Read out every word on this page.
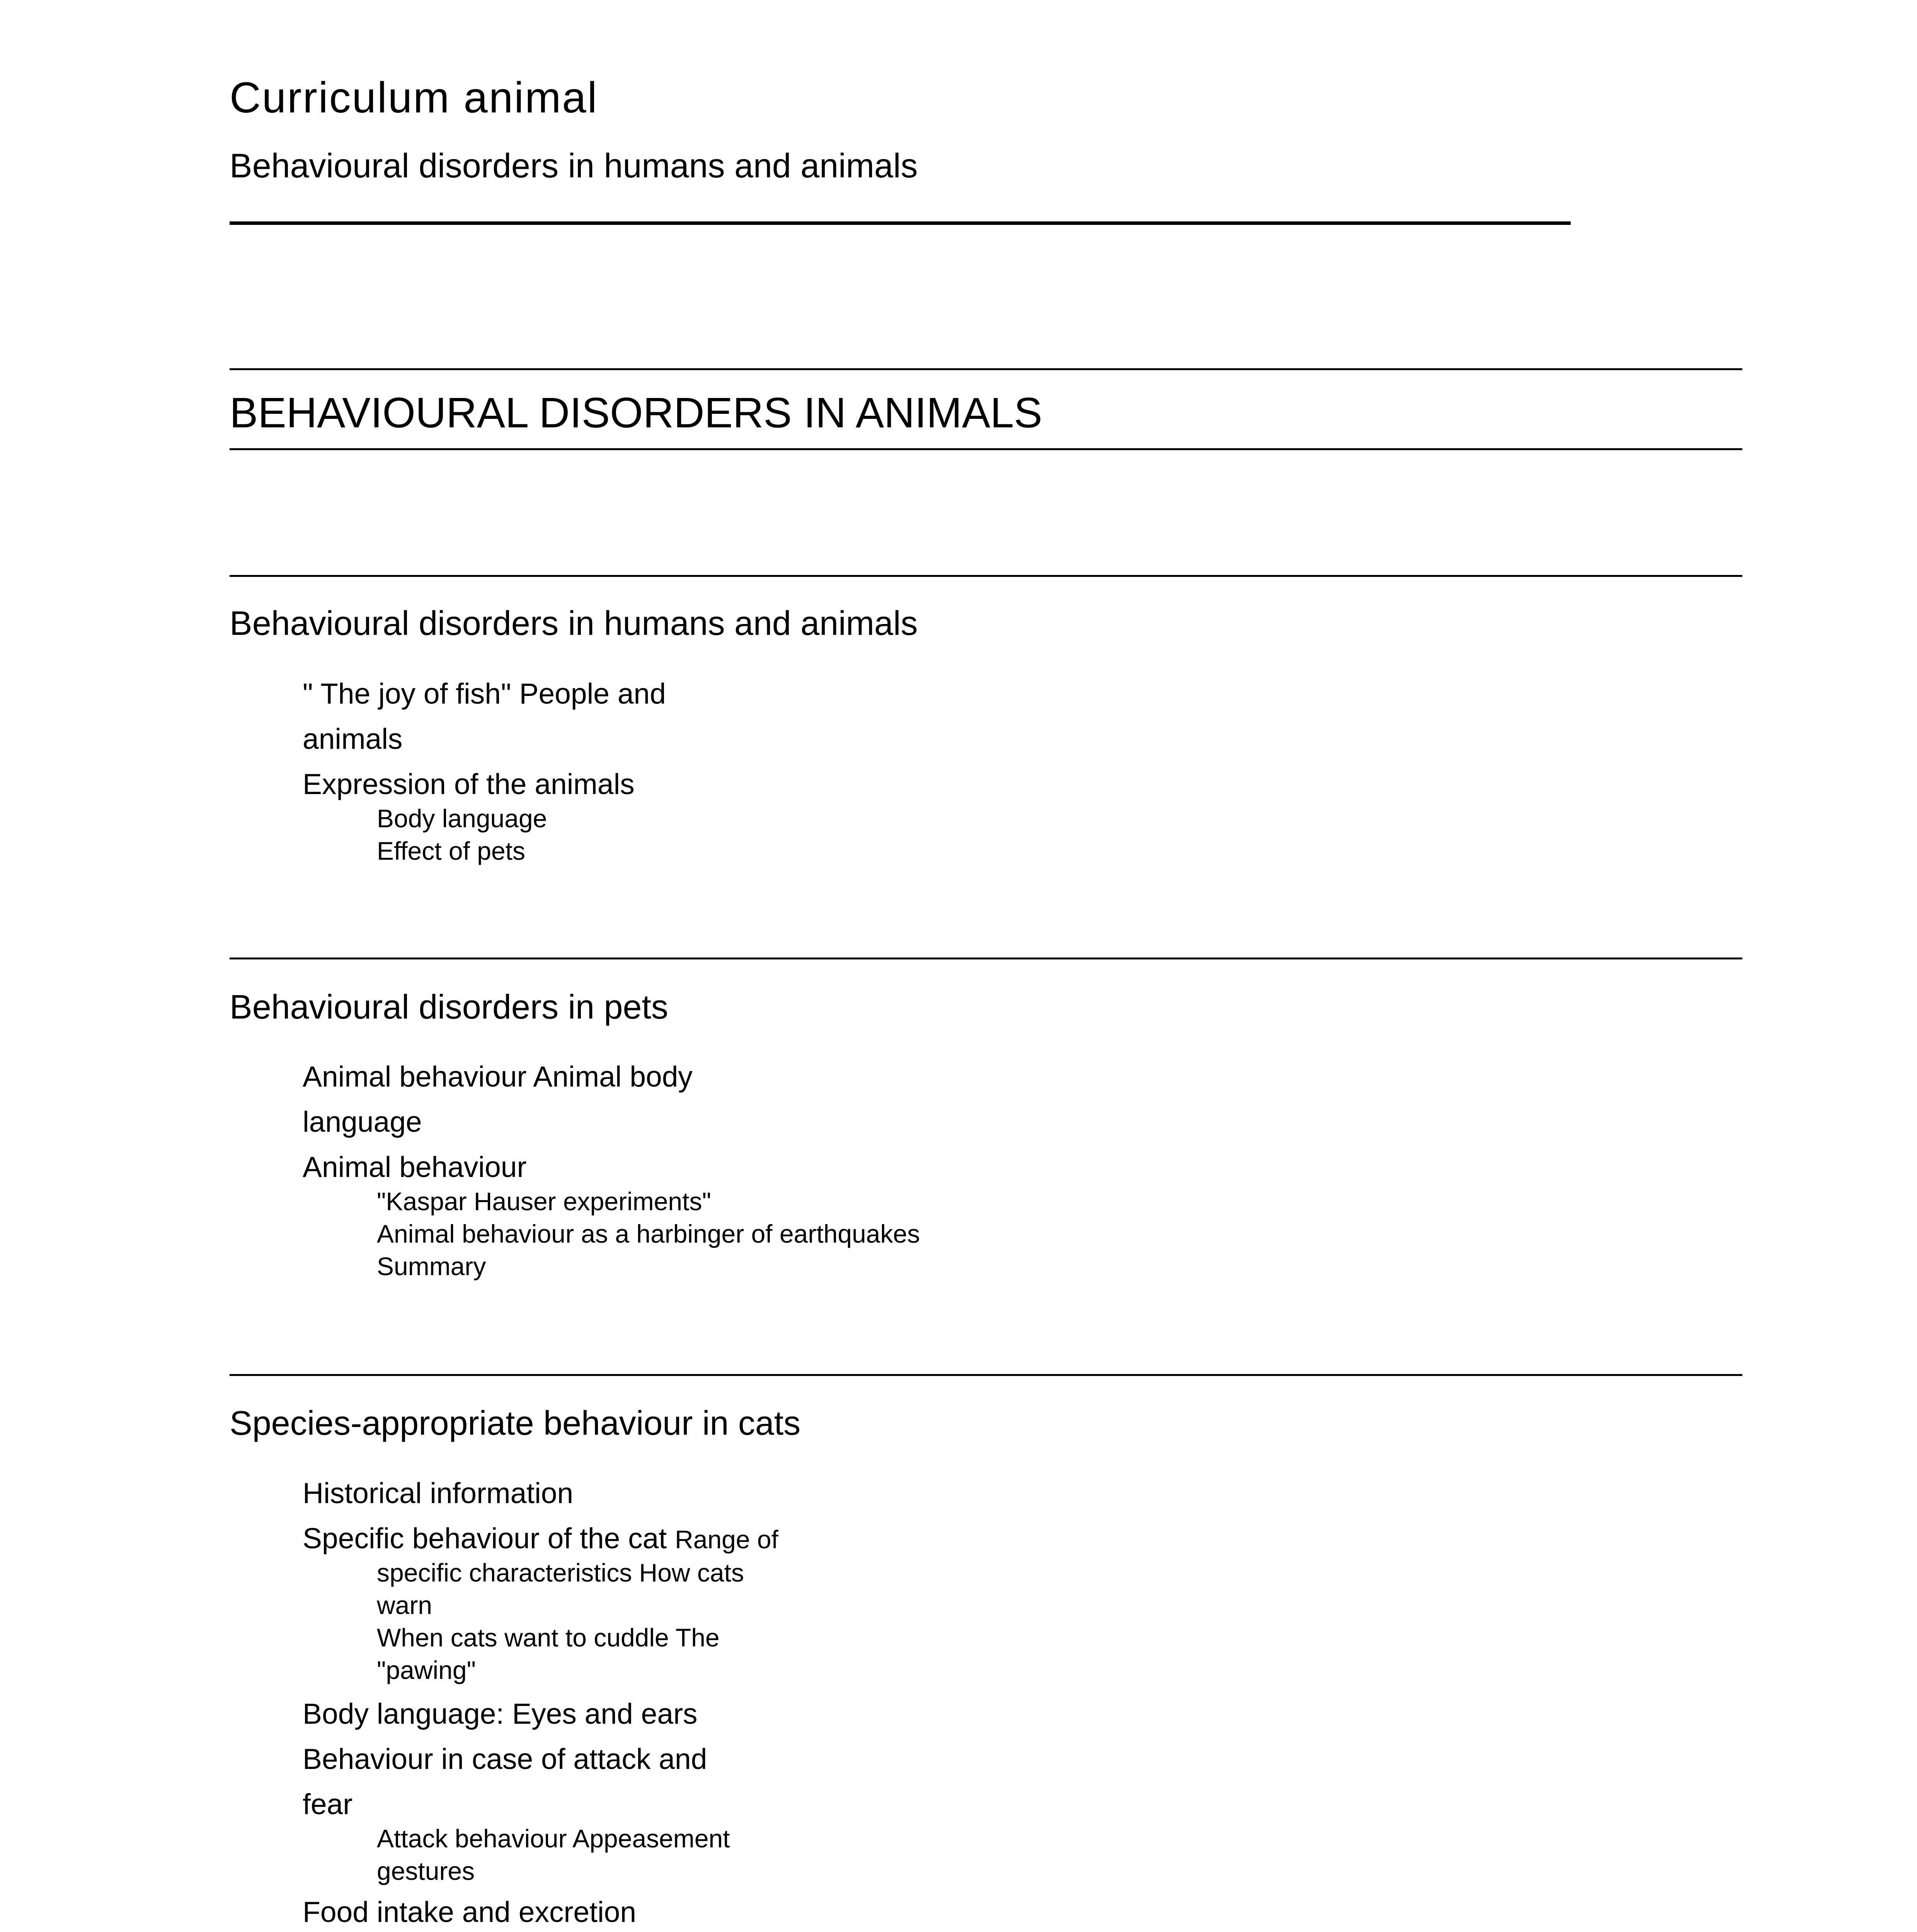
Curriculum animal
Behavioural disorders in humans and animals
BEHAVIOURAL DISORDERS IN ANIMALS
Behavioural disorders in humans and animals
" The joy of fish" People and
animals
Expression of the animals
Body language
Effect of pets
Behavioural disorders in pets
Animal behaviour Animal body
language
Animal behaviour
"Kaspar Hauser experiments"
Animal behaviour as a harbinger of earthquakes
Summary
Species-appropriate behaviour in cats
Historical information
Specific behaviour of the cat Range of
specific characteristics How cats
warn
When cats want to cuddle The
"pawing"
Body language: Eyes and ears
Behaviour in case of attack and
fear
Attack behaviour Appeasement
gestures
Food intake and excretion
